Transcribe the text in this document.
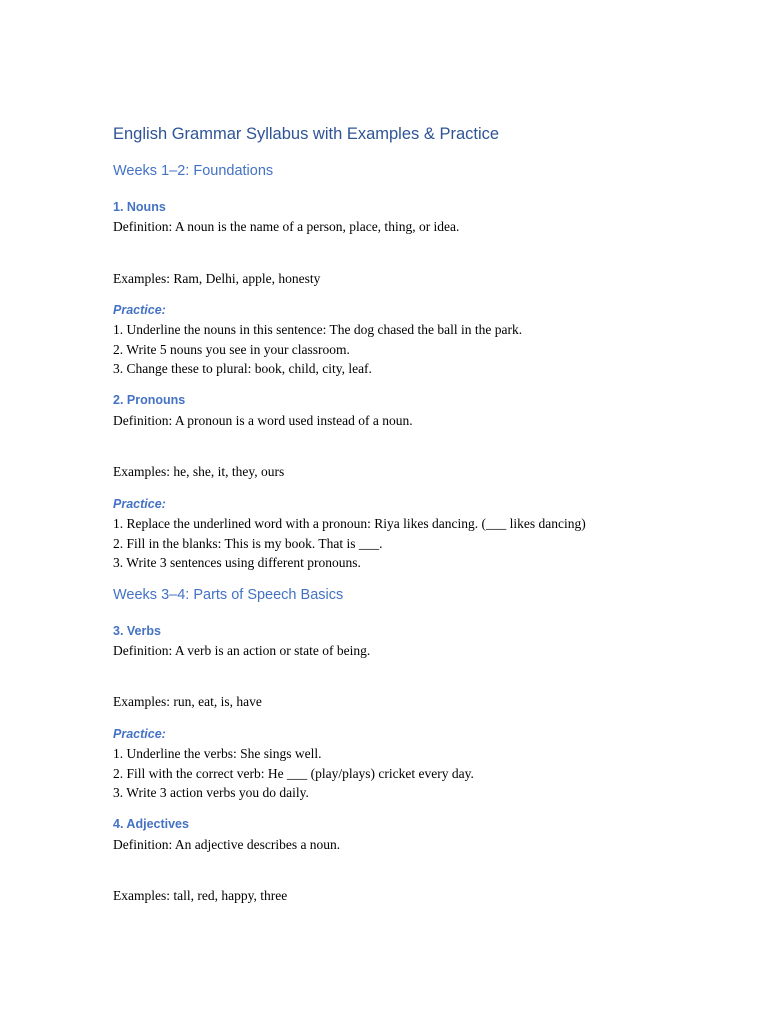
English Grammar Syllabus with Examples & Practice
Weeks 1–2: Foundations
1. Nouns
Definition: A noun is the name of a person, place, thing, or idea.
Examples: Ram, Delhi, apple, honesty
Practice:
1. Underline the nouns in this sentence: The dog chased the ball in the park.
2. Write 5 nouns you see in your classroom.
3. Change these to plural: book, child, city, leaf.
2. Pronouns
Definition: A pronoun is a word used instead of a noun.
Examples: he, she, it, they, ours
Practice:
1. Replace the underlined word with a pronoun: Riya likes dancing. (___ likes dancing)
2. Fill in the blanks: This is my book. That is ___.
3. Write 3 sentences using different pronouns.
Weeks 3–4: Parts of Speech Basics
3. Verbs
Definition: A verb is an action or state of being.
Examples: run, eat, is, have
Practice:
1. Underline the verbs: She sings well.
2. Fill with the correct verb: He ___ (play/plays) cricket every day.
3. Write 3 action verbs you do daily.
4. Adjectives
Definition: An adjective describes a noun.
Examples: tall, red, happy, three
